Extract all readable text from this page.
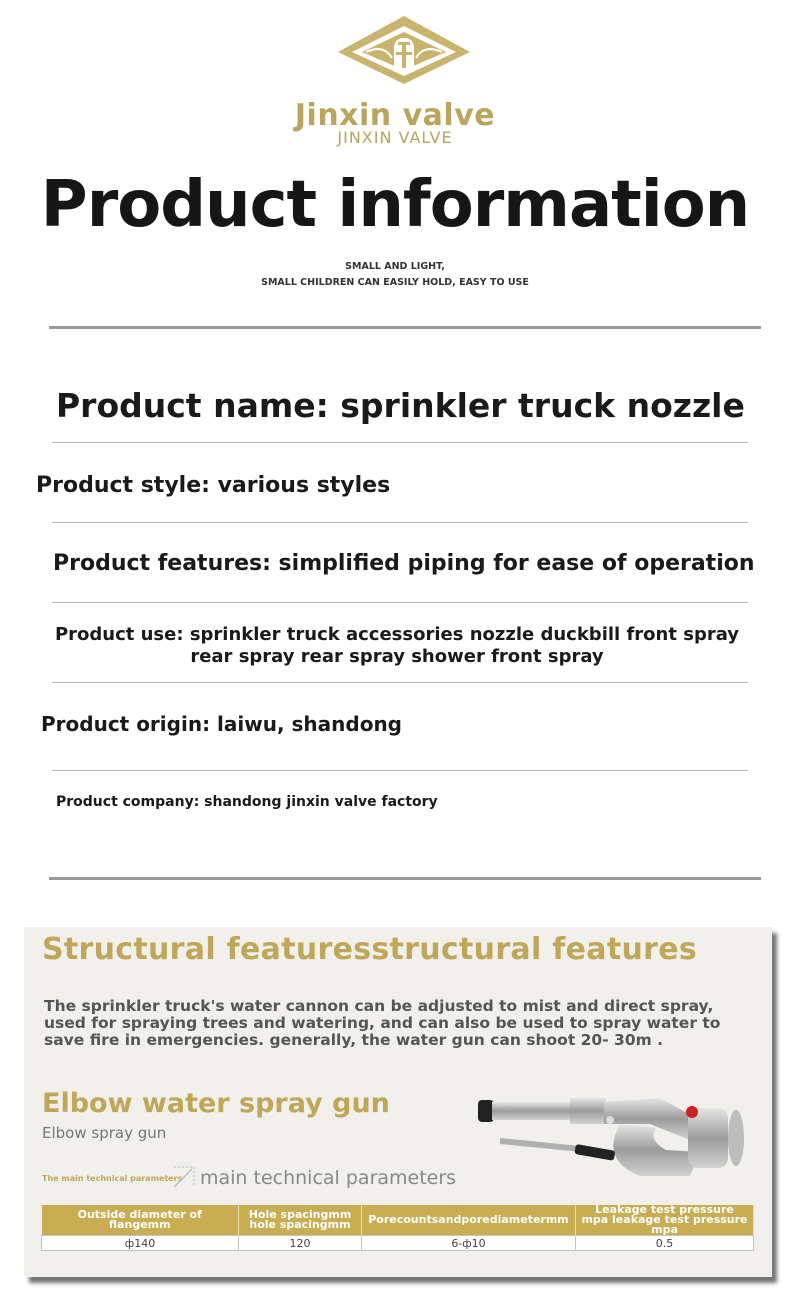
Jinxin valve
JINXIN VALVE
Product information
SMALL AND LIGHT,
SMALL CHILDREN CAN EASILY HOLD, EASY TO USE
Product name: sprinkler truck nozzle
Product style: various styles
Product features: simplified piping for ease of operation
Product use: sprinkler truck accessories nozzle duckbill front spray rear spray rear spray shower front spray
Product origin: laiwu, shandong
Product company: shandong jinxin valve factory
Structural featuresstructural features
The sprinkler truck's water cannon can be adjusted to mist and direct spray, used for spraying trees and watering, and can also be used to spray water to save fire in emergencies. generally, the water gun can shoot 20- 30m .
Elbow water spray gun
Elbow spray gun
The main technical parameters main technical parameters
Outside diameter of flangemm	Hole spacingmm hole spacingmm	Porecountsandporediametermm	Leakage test pressure mpa leakage test pressure mpa
ф140	120	6-ф10	0.5
